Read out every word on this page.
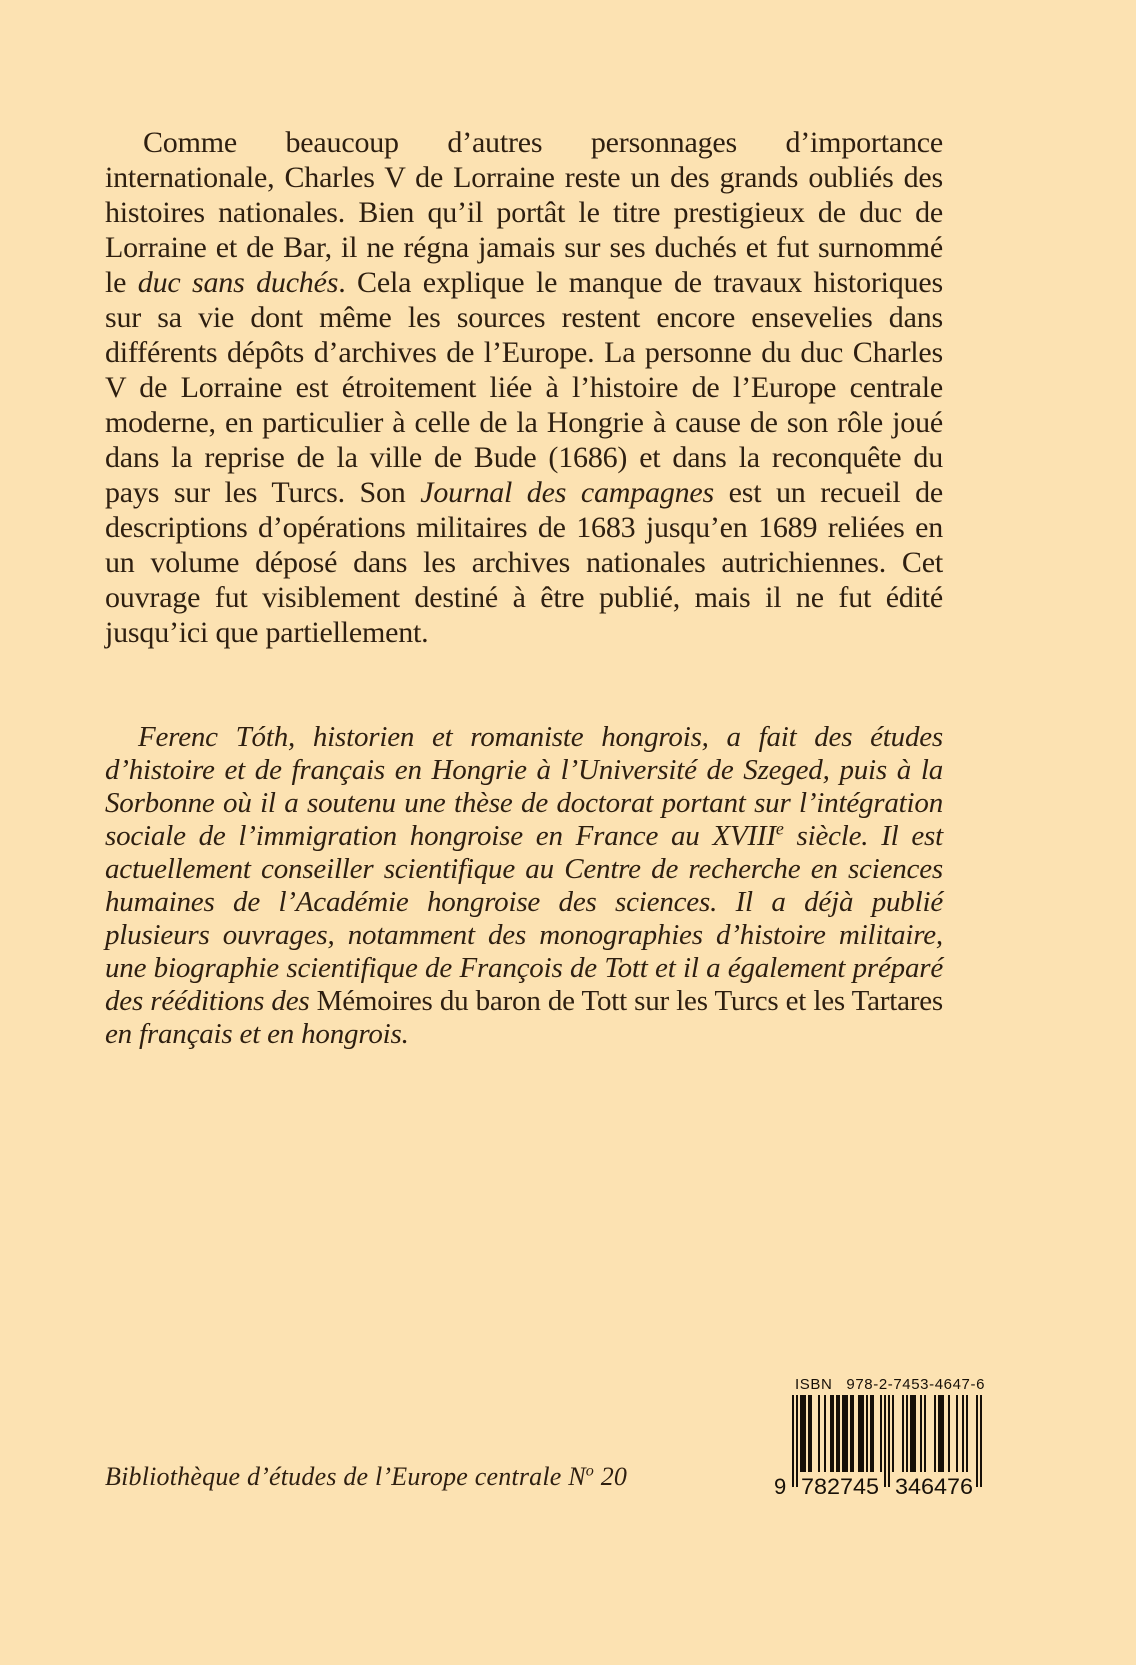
Comme beaucoup d’autres personnages d’importance internationale, Charles V de Lorraine reste un des grands oubliés des histoires nationales. Bien qu’il portât le titre prestigieux de duc de Lorraine et de Bar, il ne régna jamais sur ses duchés et fut surnommé le duc sans duchés. Cela explique le manque de travaux historiques sur sa vie dont même les sources restent encore ensevelies dans différents dépôts d’archives de l’Europe. La personne du duc Charles V de Lorraine est étroitement liée à l’histoire de l’Europe centrale moderne, en particulier à celle de la Hongrie à cause de son rôle joué dans la reprise de la ville de Bude (1686) et dans la reconquête du pays sur les Turcs. Son Journal des campagnes est un recueil de descriptions d’opérations militaires de 1683 jusqu’en 1689 reliées en un volume déposé dans les archives nationales autrichiennes. Cet ouvrage fut visiblement destiné à être publié, mais il ne fut édité jusqu’ici que partiellement.

Ferenc Tóth, historien et romaniste hongrois, a fait des études d’histoire et de français en Hongrie à l’Université de Szeged, puis à la Sorbonne où il a soutenu une thèse de doctorat portant sur l’intégration sociale de l’immigration hongroise en France au XVIIIe siècle. Il est actuellement conseiller scientifique au Centre de recherche en sciences humaines de l’Académie hongroise des sciences. Il a déjà publié plusieurs ouvrages, notamment des monographies d’histoire militaire, une biographie scientifique de François de Tott et il a également préparé des rééditions des Mémoires du baron de Tott sur les Turcs et les Tartares en français et en hongrois.

Bibliothèque d’études de l’Europe centrale $N^o$ 20
ISBN 978-2-7453-4647-6
9 782745 346476
